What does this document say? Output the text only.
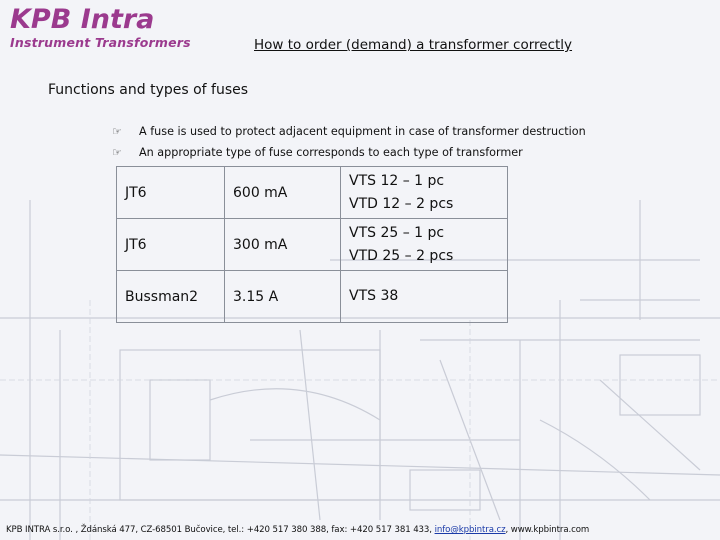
KPB Intra
Instrument Transformers	How to order (demand) a transformer correctly
Functions and types of fuses
☞	A fuse is used to protect adjacent equipment in case of transformer destruction
☞	An appropriate type of fuse corresponds to each type of transformer
JT6	600 mA	VTS 12 – 1 pc
VTD 12 – 2 pcs

JT6	300 mA	VTS 25 – 1 pc
VTD 25 – 2 pcs

Bussman2	3.15 A	VTS 38
KPB INTRA s.r.o. , Ždánská 477, CZ-68501 Bučovice, tel.: +420 517 380 388, fax: +420 517 381 433, info@kpbintra.cz, www.kpbintra.com
